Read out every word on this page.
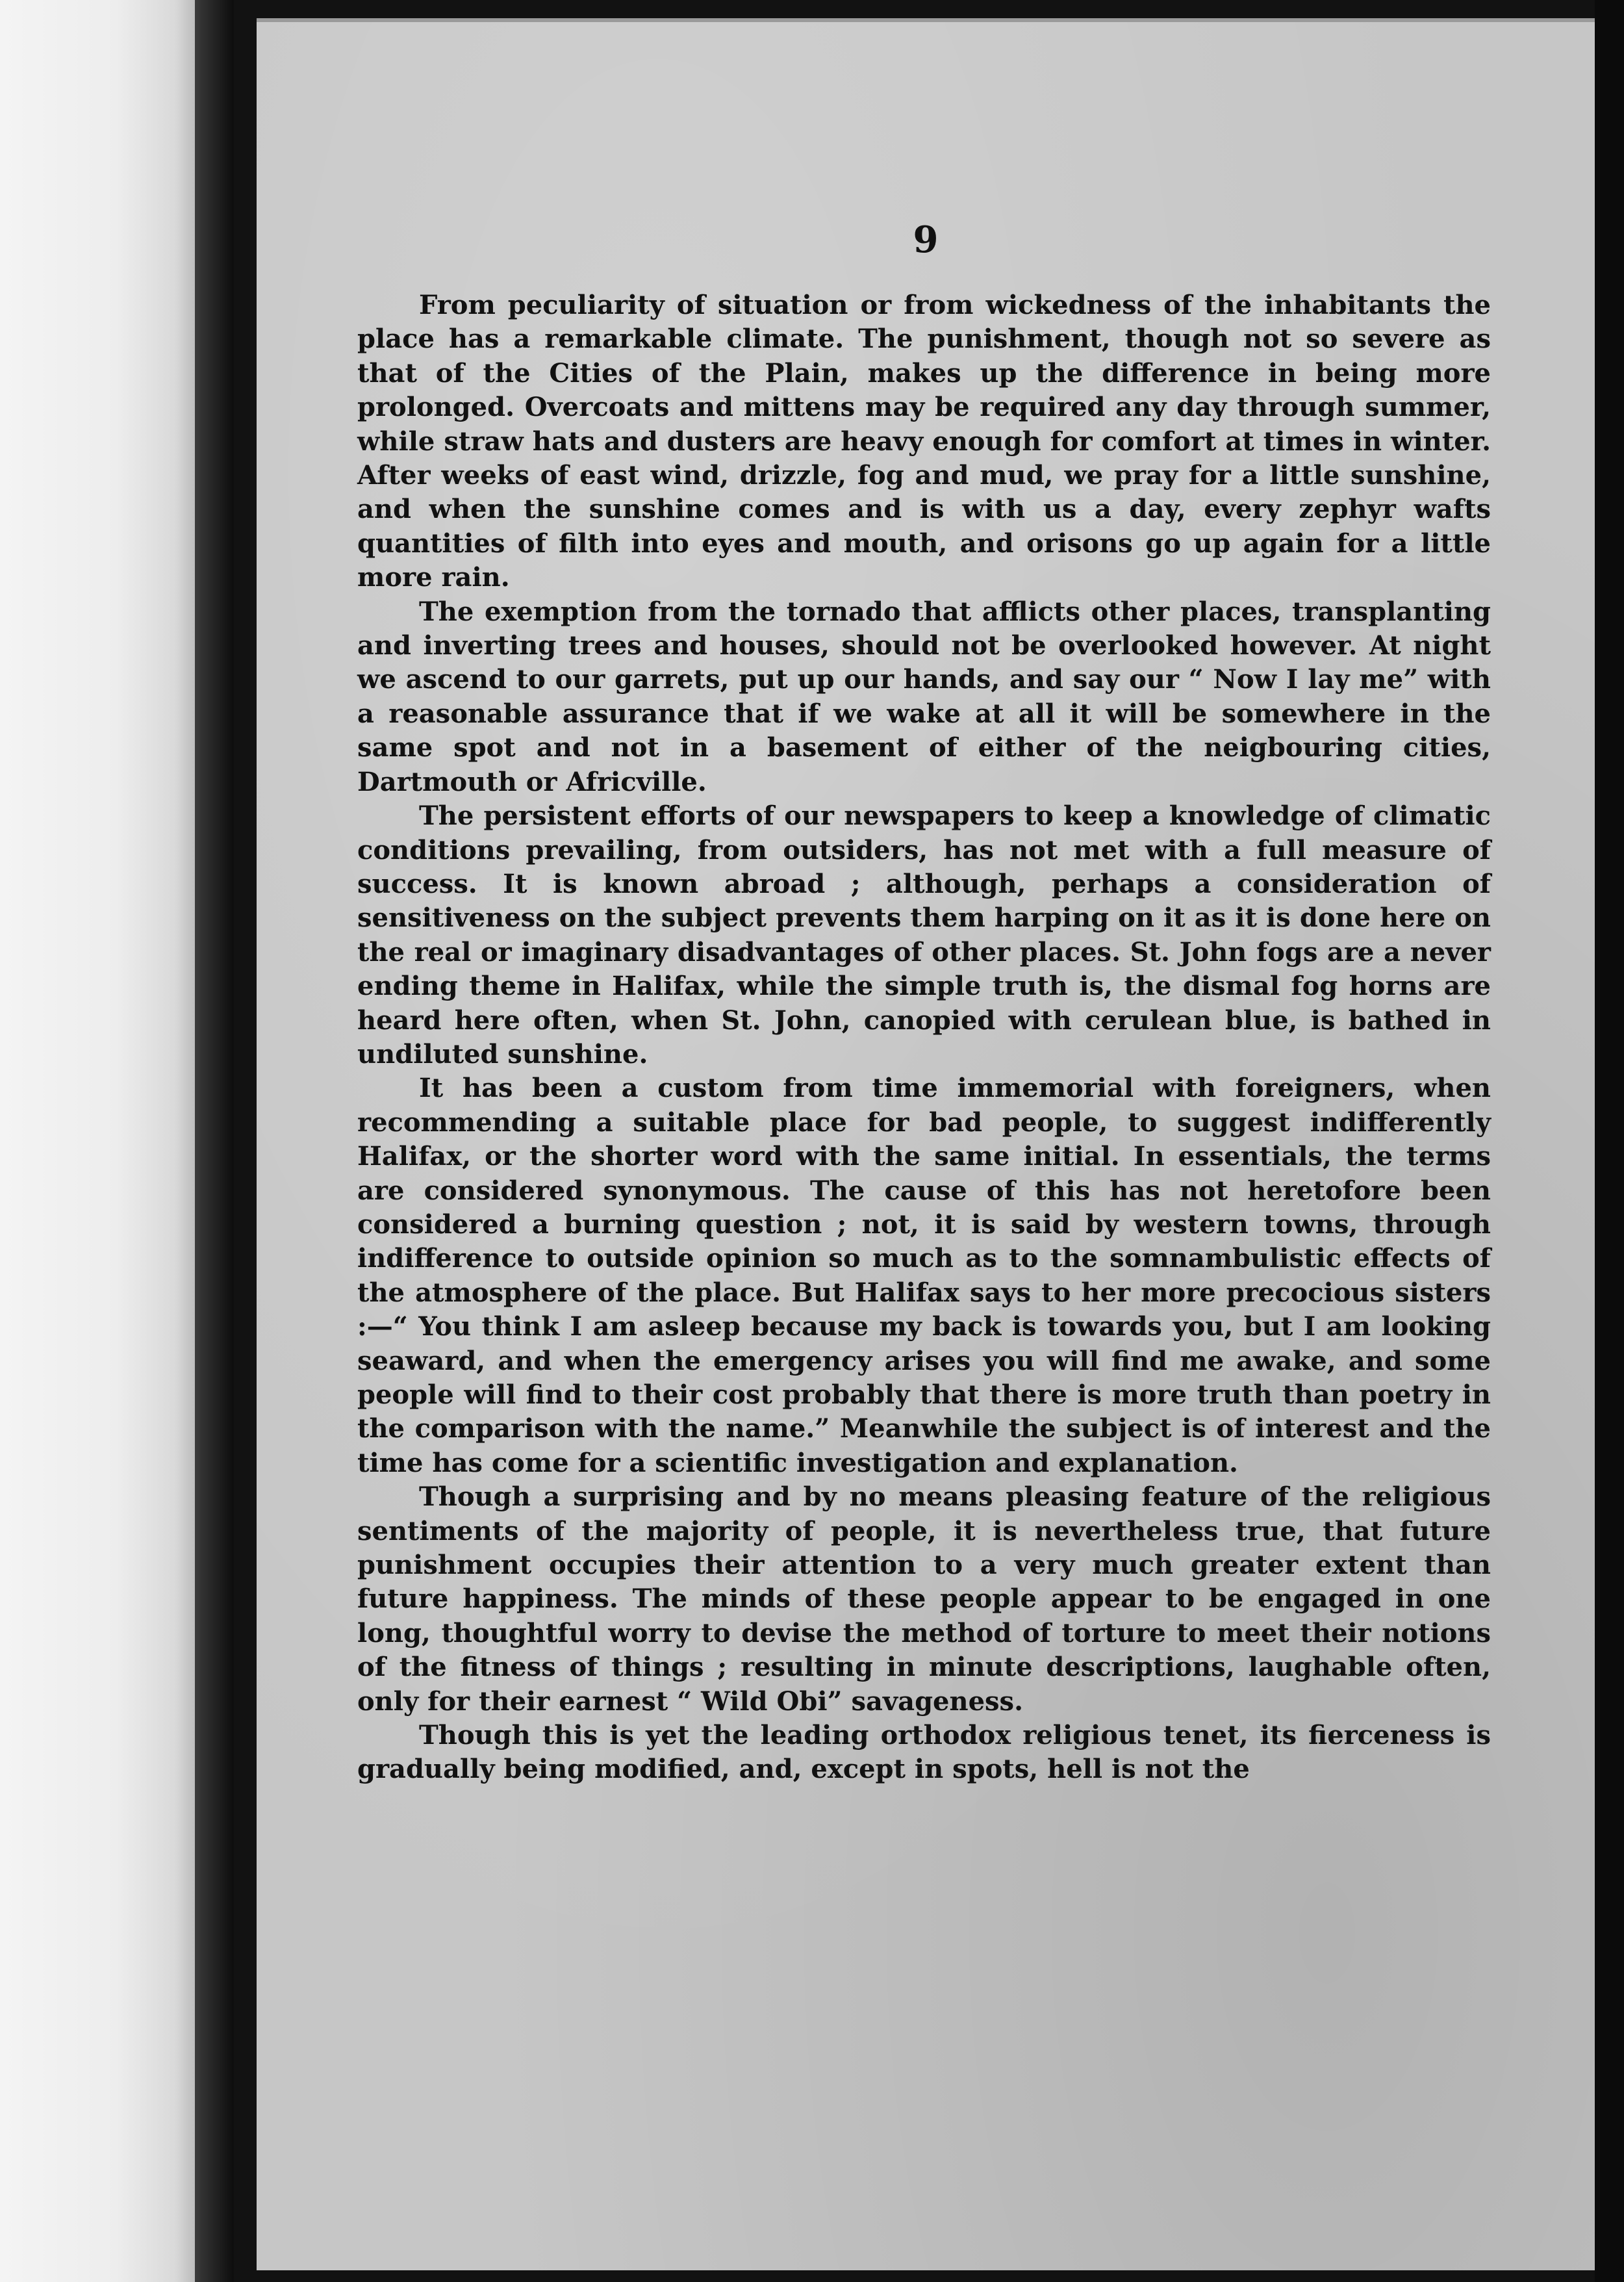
9

From peculiarity of situation or from wickedness of the inhabitants the place has a remarkable climate. The punishment, though not so severe as that of the Cities of the Plain, makes up the difference in being more prolonged. Overcoats and mittens may be required any day through summer, while straw hats and dusters are heavy enough for comfort at times in winter. After weeks of east wind, drizzle, fog and mud, we pray for a little sunshine, and when the sunshine comes and is with us a day, every zephyr wafts quantities of filth into eyes and mouth, and orisons go up again for a little more rain.

The exemption from the tornado that afflicts other places, transplanting and inverting trees and houses, should not be overlooked however. At night we ascend to our garrets, put up our hands, and say our “ Now I lay me” with a reasonable assurance that if we wake at all it will be somewhere in the same spot and not in a basement of either of the neigbouring cities, Dartmouth or Africville.

The persistent efforts of our newspapers to keep a knowledge of climatic conditions prevailing, from outsiders, has not met with a full measure of success. It is known abroad ; although, perhaps a consideration of sensitiveness on the subject prevents them harping on it as it is done here on the real or imaginary disadvantages of other places. St. John fogs are a never ending theme in Halifax, while the simple truth is, the dismal fog horns are heard here often, when St. John, canopied with cerulean blue, is bathed in undiluted sunshine.

It has been a custom from time immemorial with foreigners, when recommending a suitable place for bad people, to suggest indifferently Halifax, or the shorter word with the same initial. In essentials, the terms are considered synonymous. The cause of this has not heretofore been considered a burning question ; not, it is said by western towns, through indifference to outside opinion so much as to the somnambulistic effects of the atmosphere of the place. But Halifax says to her more precocious sisters :—“ You think I am asleep because my back is towards you, but I am looking seaward, and when the emergency arises you will find me awake, and some people will find to their cost probably that there is more truth than poetry in the comparison with the name.” Meanwhile the subject is of interest and the time has come for a scientific investigation and explanation.

Though a surprising and by no means pleasing feature of the religious sentiments of the majority of people, it is nevertheless true, that future punishment occupies their attention to a very much greater extent than future happiness. The minds of these people appear to be engaged in one long, thoughtful worry to devise the method of torture to meet their notions of the fitness of things ; resulting in minute descriptions, laughable often, only for their earnest “ Wild Obi” savageness.

Though this is yet the leading orthodox religious tenet, its fierceness is gradually being modified, and, except in spots, hell is not the
